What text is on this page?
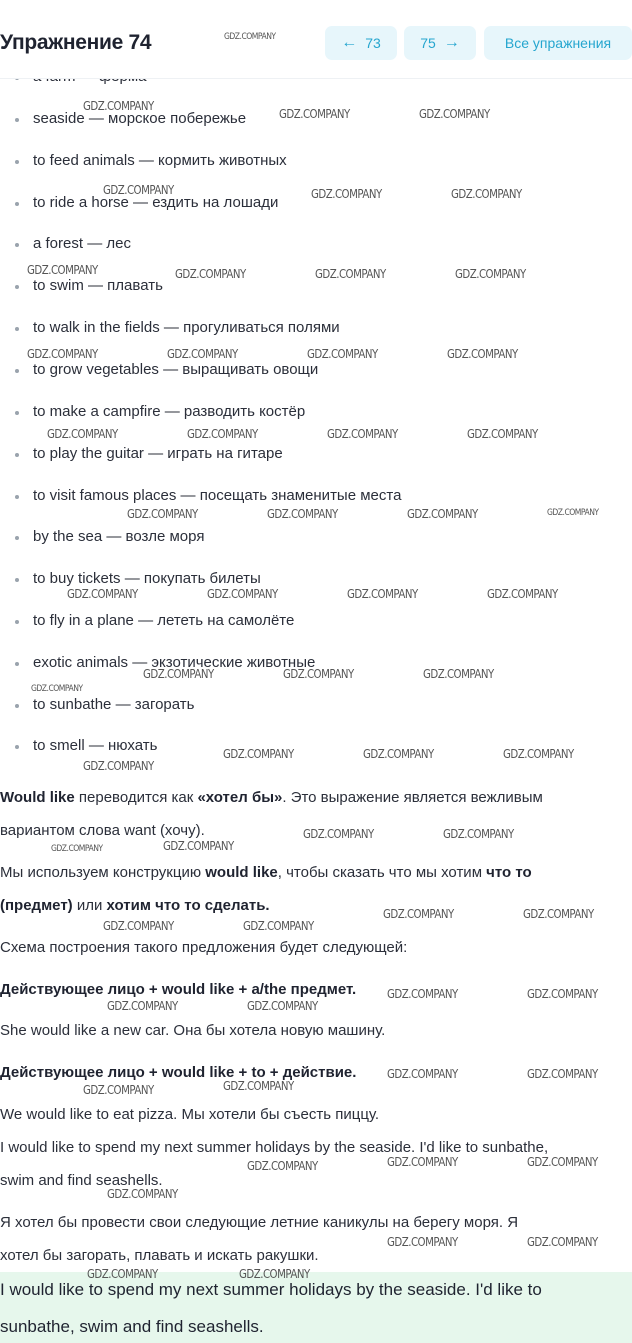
seaside — морское побережье
to feed animals — кормить животных
to ride a horse — ездить на лошади
a forest — лес
to swim — плавать
to walk in the fields — прогуливаться полями
to grow vegetables — выращивать овощи
to make a campfire — разводить костёр
to play the guitar — играть на гитаре
to visit famous places — посещать знаменитые места
by the sea — возле моря
to buy tickets — покупать билеты
to fly in a plane — лететь на самолёте
exotic animals — экзотические животные
to sunbathe — загорать
to smell — нюхать
Упражнение 74	← 73	75 →	Все упражнения
Would like переводится как «хотел бы». Это выражение является вежливым
вариантом слова want (хочу).
Мы используем конструкцию would like, чтобы сказать что мы хотим что то
(предмет) или хотим что то сделать.
Схема построения такого предложения будет следующей:
Действующее лицо + would like + a/the предмет.
She would like a new car. Она бы хотела новую машину.
Действующее лицо + would like + to + действие.
We would like to eat pizza. Мы хотели бы съесть пиццу.
I would like to spend my next summer holidays by the seaside. I'd like to sunbathe,
swim and find seashells.
Я хотел бы провести свои следующие летние каникулы на берегу моря. Я
хотел бы загорать, плавать и искать ракушки.
I would like to spend my next summer holidays by the seaside. I'd like to
sunbathe, swim and find seashells.
GDZ.COMPANY
GDZ.COMPANY
GDZ.COMPANY	GDZ.COMPANY
GDZ.COMPANY	GDZ.COMPANY	GDZ.COMPANY
GDZ.COMPANY	GDZ.COMPANY	GDZ.COMPANY	GDZ.COMPANY
GDZ.COMPANY	GDZ.COMPANY	GDZ.COMPANY	GDZ.COMPANY
GDZ.COMPANY	GDZ.COMPANY	GDZ.COMPANY	GDZ.COMPANY
GDZ.COMPANY	GDZ.COMPANY	GDZ.COMPANY	GDZ.COMPANY
GDZ.COMPANY	GDZ.COMPANY	GDZ.COMPANY	GDZ.COMPANY
GDZ.COMPANY	GDZ.COMPANY	GDZ.COMPANY
GDZ.COMPANY
GDZ.COMPANY	GDZ.COMPANY	GDZ.COMPANY
GDZ.COMPANY
GDZ.COMPANY	GDZ.COMPANY
GDZ.COMPANY	GDZ.COMPANY
GDZ.COMPANY	GDZ.COMPANY
GDZ.COMPANY	GDZ.COMPANY
GDZ.COMPANY	GDZ.COMPANY
GDZ.COMPANY	GDZ.COMPANY
GDZ.COMPANY	GDZ.COMPANY
GDZ.COMPANY
GDZ.COMPANY
GDZ.COMPANY	GDZ.COMPANY
GDZ.COMPANY
GDZ.COMPANY
GDZ.COMPANY	GDZ.COMPANY
GDZ.COMPANY	GDZ.COMPANY
